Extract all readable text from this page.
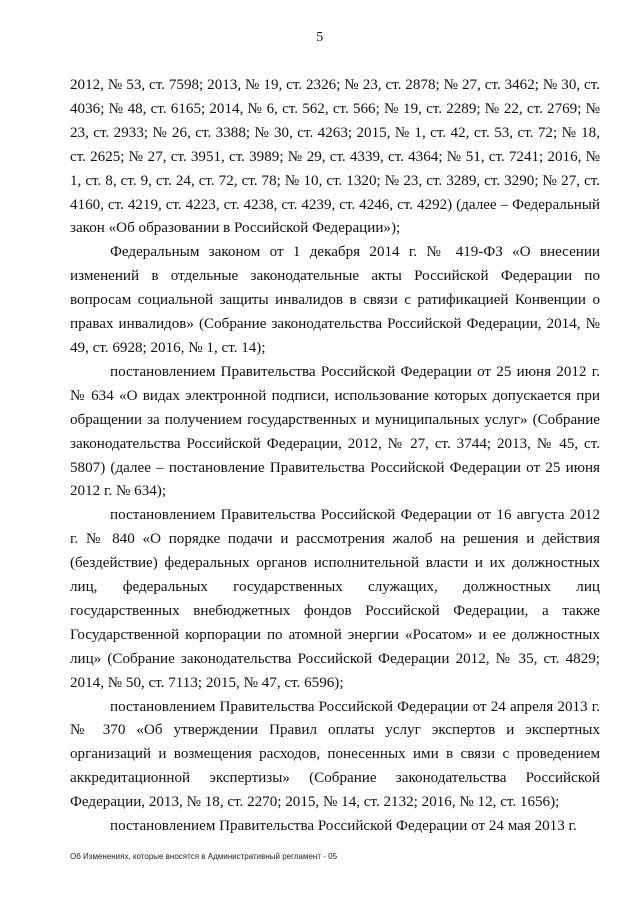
5

2012, № 53, ст. 7598; 2013, № 19, ст. 2326; № 23, ст. 2878; № 27, ст. 3462; № 30, ст. 4036; № 48, ст. 6165; 2014, № 6, ст. 562, ст. 566; № 19, ст. 2289; № 22, ст. 2769; № 23, ст. 2933; № 26, ст. 3388; № 30, ст. 4263; 2015, № 1, ст. 42, ст. 53, ст. 72; № 18, ст. 2625; № 27, ст. 3951, ст. 3989; № 29, ст. 4339, ст. 4364; № 51, ст. 7241; 2016, № 1, ст. 8, ст. 9, ст. 24, ст. 72, ст. 78; № 10, ст. 1320; № 23, ст. 3289, ст. 3290; № 27, ст. 4160, ст. 4219, ст. 4223, ст. 4238, ст. 4239, ст. 4246, ст. 4292) (далее – Федеральный закон «Об образовании в Российской Федерации»);

Федеральным законом от 1 декабря 2014 г. № 419-ФЗ «О внесении изменений в отдельные законодательные акты Российской Федерации по вопросам социальной защиты инвалидов в связи с ратификацией Конвенции о правах инвалидов» (Собрание законодательства Российской Федерации, 2014, № 49, ст. 6928; 2016, № 1, ст. 14);

постановлением Правительства Российской Федерации от 25 июня 2012 г. № 634 «О видах электронной подписи, использование которых допускается при обращении за получением государственных и муниципальных услуг» (Собрание законодательства Российской Федерации, 2012, № 27, ст. 3744; 2013, № 45, ст. 5807) (далее – постановление Правительства Российской Федерации от 25 июня 2012 г. № 634);

постановлением Правительства Российской Федерации от 16 августа 2012 г. № 840 «О порядке подачи и рассмотрения жалоб на решения и действия (бездействие) федеральных органов исполнительной власти и их должностных лиц, федеральных государственных служащих, должностных лиц государственных внебюджетных фондов Российской Федерации, а также Государственной корпорации по атомной энергии «Росатом» и ее должностных лиц» (Собрание законодательства Российской Федерации 2012, № 35, ст. 4829; 2014, № 50, ст. 7113; 2015, № 47, ст. 6596);

постановлением Правительства Российской Федерации от 24 апреля 2013 г. № 370 «Об утверждении Правил оплаты услуг экспертов и экспертных организаций и возмещения расходов, понесенных ими в связи с проведением аккредитационной экспертизы» (Собрание законодательства Российской Федерации, 2013, № 18, ст. 2270; 2015, № 14, ст. 2132; 2016, № 12, ст. 1656);

постановлением Правительства Российской Федерации от 24 мая 2013 г.

Об Изменениях, которые вносятся в Административный регламент - 05
